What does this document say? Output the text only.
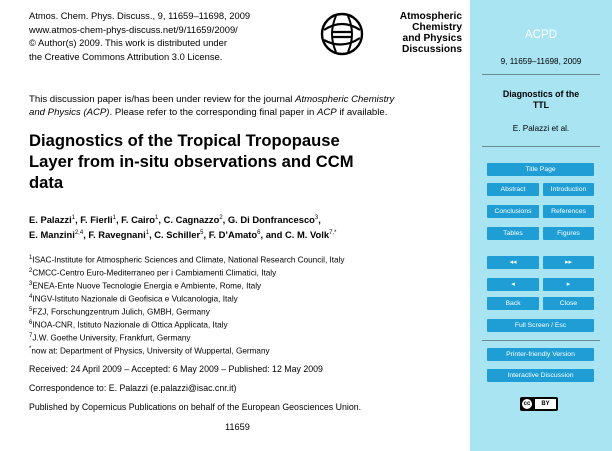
Atmos. Chem. Phys. Discuss., 9, 11659–11698, 2009
www.atmos-chem-phys-discuss.net/9/11659/2009/
© Author(s) 2009. This work is distributed under
the Creative Commons Attribution 3.0 License.
Atmospheric
Chemistry
and Physics
Discussions
This discussion paper is/has been under review for the journal Atmospheric Chemistry
and Physics (ACP). Please refer to the corresponding final paper in ACP if available.
Diagnostics of the Tropical Tropopause
Layer from in-situ observations and CCM
data
E. Palazzi$^1$, F. Fierli$^1$, F. Cairo$^1$, C. Cagnazzo$^2$, G. Di Donfrancesco$^3$,
E. Manzini$^{2,4}$, F. Ravegnani$^1$, C. Schiller$^5$, F. D’Amato$^6$, and C. M. Volk$^{7,*}$
$^1$ISAC-Institute for Atmospheric Sciences and Climate, National Research Council, Italy
$^2$CMCC-Centro Euro-Mediterraneo per i Cambiamenti Climatici, Italy
$^3$ENEA-Ente Nuove Tecnologie Energia e Ambiente, Rome, Italy
$^4$INGV-Istituto Nazionale di Geofisica e Vulcanologia, Italy
$^5$FZJ, Forschungzentrum Julich, GMBH, Germany
$^6$INOA-CNR, Istituto Nazionale di Ottica Applicata, Italy
$^7$J.W. Goethe University, Frankfurt, Germany
*now at: Department of Physics, University of Wuppertal, Germany
Received: 24 April 2009 – Accepted: 6 May 2009 – Published: 12 May 2009
Correspondence to: E. Palazzi (e.palazzi@isac.cnr.it)
Published by Copernicus Publications on behalf of the European Geosciences Union.
11659
ACPD
9, 11659–11698, 2009
Diagnostics of the
TTL
E. Palazzi et al.
Title Page
Abstract	Introduction
Conclusions	References
Tables	Figures
◂◂	▸▸
◂	▸
Back	Close
Full Screen / Esc
Printer-friendly Version
Interactive Discussion
cc	BY
